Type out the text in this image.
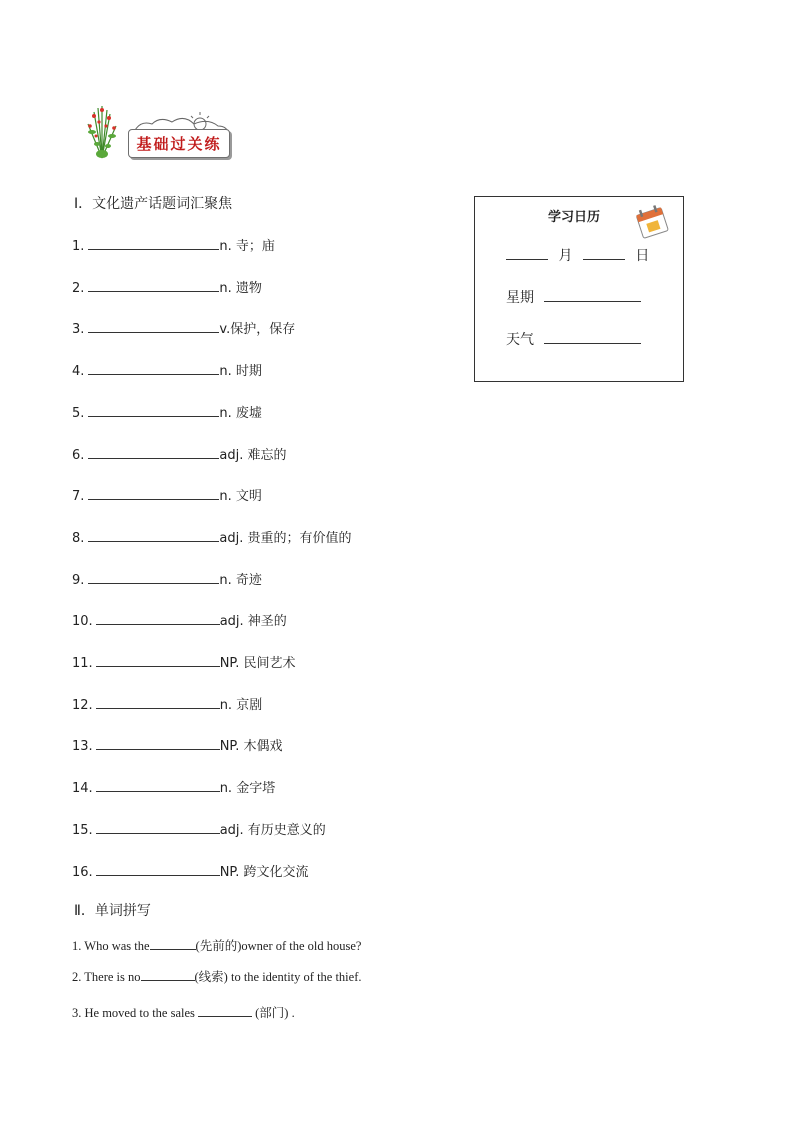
基础过关练
Ⅰ．文化遗产话题词汇聚焦
1.	n. 寺；庙
2.	n. 遗物
3.	v.保护，保存
4.	n. 时期
5.	n. 废墟
6.	adj. 难忘的
7.	n. 文明
8.	adj. 贵重的；有价值的
9.	n. 奇迹
10.	adj. 神圣的
11.	NP. 民间艺术
12.	n. 京剧
13.	NP. 木偶戏
14.	n. 金字塔
15.	adj. 有历史意义的
16.	NP. 跨文化交流
Ⅱ．单词拼写
1. Who was the	(先前的)owner of the old house?
2. There is no	(线索) to the identity of the thief.
3. He moved to the sales	(部门) .
学习日历
月	日
星期
天气
